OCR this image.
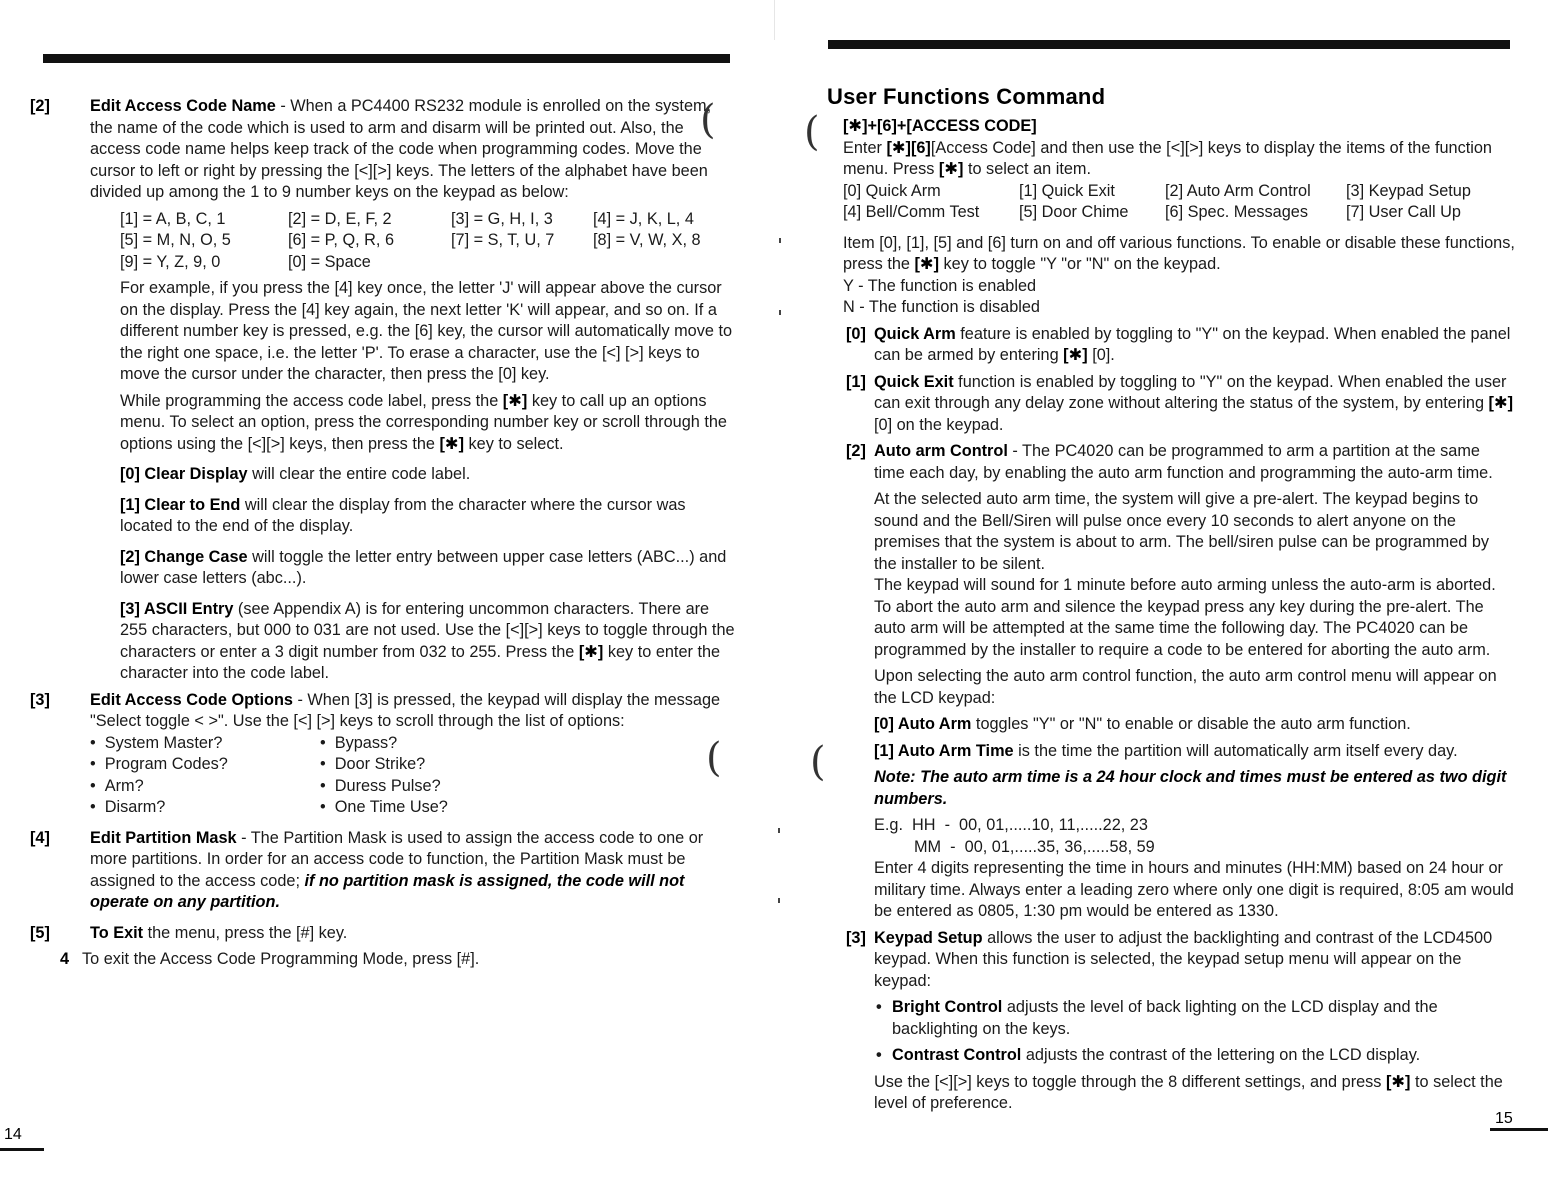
[2] Edit Access Code Name - When a PC4400 RS232 module is enrolled on the system, the name of the code which is used to arm and disarm will be printed out. Also, the access code name helps keep track of the code when programming codes. Move the cursor to left or right by pressing the [<][>] keys. The letters of the alphabet have been divided up among the 1 to 9 number keys on the keypad as below:

[1] = A, B, C, 1	[2] = D, E, F, 2	[3] = G, H, I, 3	[4] = J, K, L, 4
[5] = M, N, O, 5	[6] = P, Q, R, 6	[7] = S, T, U, 7	[8] = V, W, X, 8
[9] = Y, Z, 9, 0	[0] = Space

For example, if you press the [4] key once, the letter 'J' will appear above the cursor on the display. Press the [4] key again, the next letter 'K' will appear, and so on. If a different number key is pressed, e.g. the [6] key, the cursor will automatically move to the right one space, i.e. the letter 'P'. To erase a character, use the [<] [>] keys to move the cursor under the character, then press the [0] key.

While programming the access code label, press the [✱] key to call up an options menu. To select an option, press the corresponding number key or scroll through the options using the [<][>] keys, then press the [✱] key to select.

[0] Clear Display will clear the entire code label.

[1] Clear to End will clear the display from the character where the cursor was located to the end of the display.

[2] Change Case will toggle the letter entry between upper case letters (ABC...) and lower case letters (abc...).

[3] ASCII Entry (see Appendix A) is for entering uncommon characters. There are 255 characters, but 000 to 031 are not used. Use the [<][>] keys to toggle through the characters or enter a 3 digit number from 032 to 255. Press the [✱] key to enter the character into the code label.

[3] Edit Access Code Options - When [3] is pressed, the keypad will display the message "Select toggle < >". Use the [<] [>] keys to scroll through the list of options:

•  System Master?	•  Bypass?
•  Program Codes?	•  Door Strike?
•  Arm?	•  Duress Pulse?
•  Disarm?	•  One Time Use?
[4] Edit Partition Mask - The Partition Mask is used to assign the access code to one or more partitions. In order for an access code to function, the Partition Mask must be assigned to the access code; if no partition mask is assigned, the code will not operate on any partition.

[5] To Exit the menu, press the [#] key.

4 To exit the Access Code Programming Mode, press [#].

(
(
14
User Functions Command

[✱]+[6]+[ACCESS CODE]

Enter [✱][6][Access Code] and then use the [<][>] keys to display the items of the function menu. Press [✱] to select an item.

[0] Quick Arm	[1] Quick Exit	[2] Auto Arm Control	[3] Keypad Setup
[4] Bell/Comm Test	[5] Door Chime	[6] Spec. Messages	[7] User Call Up

Item [0], [1], [5] and [6] turn on and off various functions. To enable or disable these functions, press the [✱] key to toggle "Y "or "N" on the keypad.

Y - The function is enabled

N - The function is disabled

[0] Quick Arm feature is enabled by toggling to "Y" on the keypad. When enabled the panel can be armed by entering [✱] [0].

[1] Quick Exit function is enabled by toggling to "Y" on the keypad. When enabled the user can exit through any delay zone without altering the status of the system, by entering [✱] [0] on the keypad.

[2] Auto arm Control - The PC4020 can be programmed to arm a partition at the same time each day, by enabling the auto arm function and programming the auto-arm time.

At the selected auto arm time, the system will give a pre-alert. The keypad begins to sound and the Bell/Siren will pulse once every 10 seconds to alert anyone on the premises that the system is about to arm. The bell/siren pulse can be programmed by the installer to be silent.

The keypad will sound for 1 minute before auto arming unless the auto-arm is aborted. To abort the auto arm and silence the keypad press any key during the pre-alert. The auto arm will be attempted at the same time the following day. The PC4020 can be programmed by the installer to require a code to be entered for aborting the auto arm.

Upon selecting the auto arm control function, the auto arm control menu will appear on the LCD keypad:

[0] Auto Arm toggles "Y" or "N" to enable or disable the auto arm function.

[1] Auto Arm Time is the time the partition will automatically arm itself every day.

Note: The auto arm time is a 24 hour clock and times must be entered as two digit numbers.

E.g.  HH  -  00, 01,.....10, 11,.....22, 23

MM  -  00, 01,.....35, 36,.....58, 59

Enter 4 digits representing the time in hours and minutes (HH:MM) based on 24 hour or military time. Always enter a leading zero where only one digit is required, 8:05 am would be entered as 0805, 1:30 pm would be entered as 1330.

[3] Keypad Setup allows the user to adjust the backlighting and contrast of the LCD4500 keypad. When this function is selected, the keypad setup menu will appear on the keypad:

• Bright Control adjusts the level of back lighting on the LCD display and the backlighting on the keys.

• Contrast Control adjusts the contrast of the lettering on the LCD display.

Use the [<][>] keys to toggle through the 8 different settings, and press [✱] to select the level of preference.

(
(
15
